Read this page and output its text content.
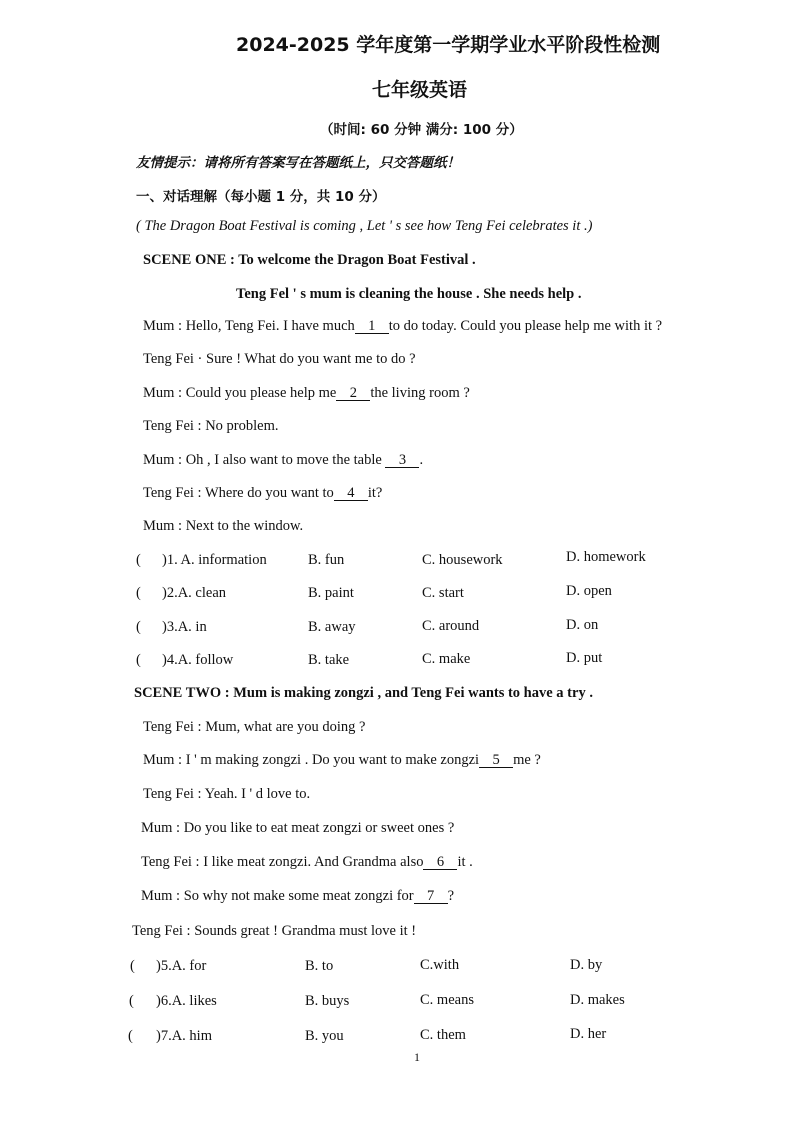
2024-2025 学年度第一学期学业水平阶段性检测
七年级英语
（时间: 60 分钟 满分: 100 分）
友情提示：请将所有答案写在答题纸上，只交答题纸！
一、对话理解（每小题 1 分，共 10 分）
( The Dragon Boat Festival is coming , Let ' s see how Teng Fei celebrates it .)
SCENE ONE : To welcome the Dragon Boat Festival .
Teng Fel ' s mum is cleaning the house . She needs help .
Mum : Hello, Teng Fei. I have much 1 to do today. Could you please help me with it ?
Teng Fei · Sure ! What do you want me to do ?
Mum : Could you please help me 2 the living room ?
Teng Fei : No problem.
Mum : Oh , I also want to move the table 3 .
Teng Fei : Where do you want to 4 it?
Mum : Next to the window.
( )1. A. information	B. fun	C. housework	D. homework
( )2.A. clean	B. paint	C. start	D. open
( )3.A. in	B. away	C. around	D. on
( )4.A. follow	B. take	C. make	D. put
SCENE TWO : Mum is making zongzi , and Teng Fei wants to have a try .
Teng Fei : Mum, what are you doing ?
Mum : I ' m making zongzi . Do you want to make zongzi 5 me ?
Teng Fei : Yeah. I ' d love to.
Mum : Do you like to eat meat zongzi or sweet ones ?
Teng Fei : I like meat zongzi. And Grandma also 6 it .
Mum : So why not make some meat zongzi for 7 ?
Teng Fei : Sounds great ! Grandma must love it !
( )5.A. for	B. to	C.with	D. by
( )6.A. likes	B. buys	C. means	D. makes
( )7.A. him	B. you	C. them	D. her
1
